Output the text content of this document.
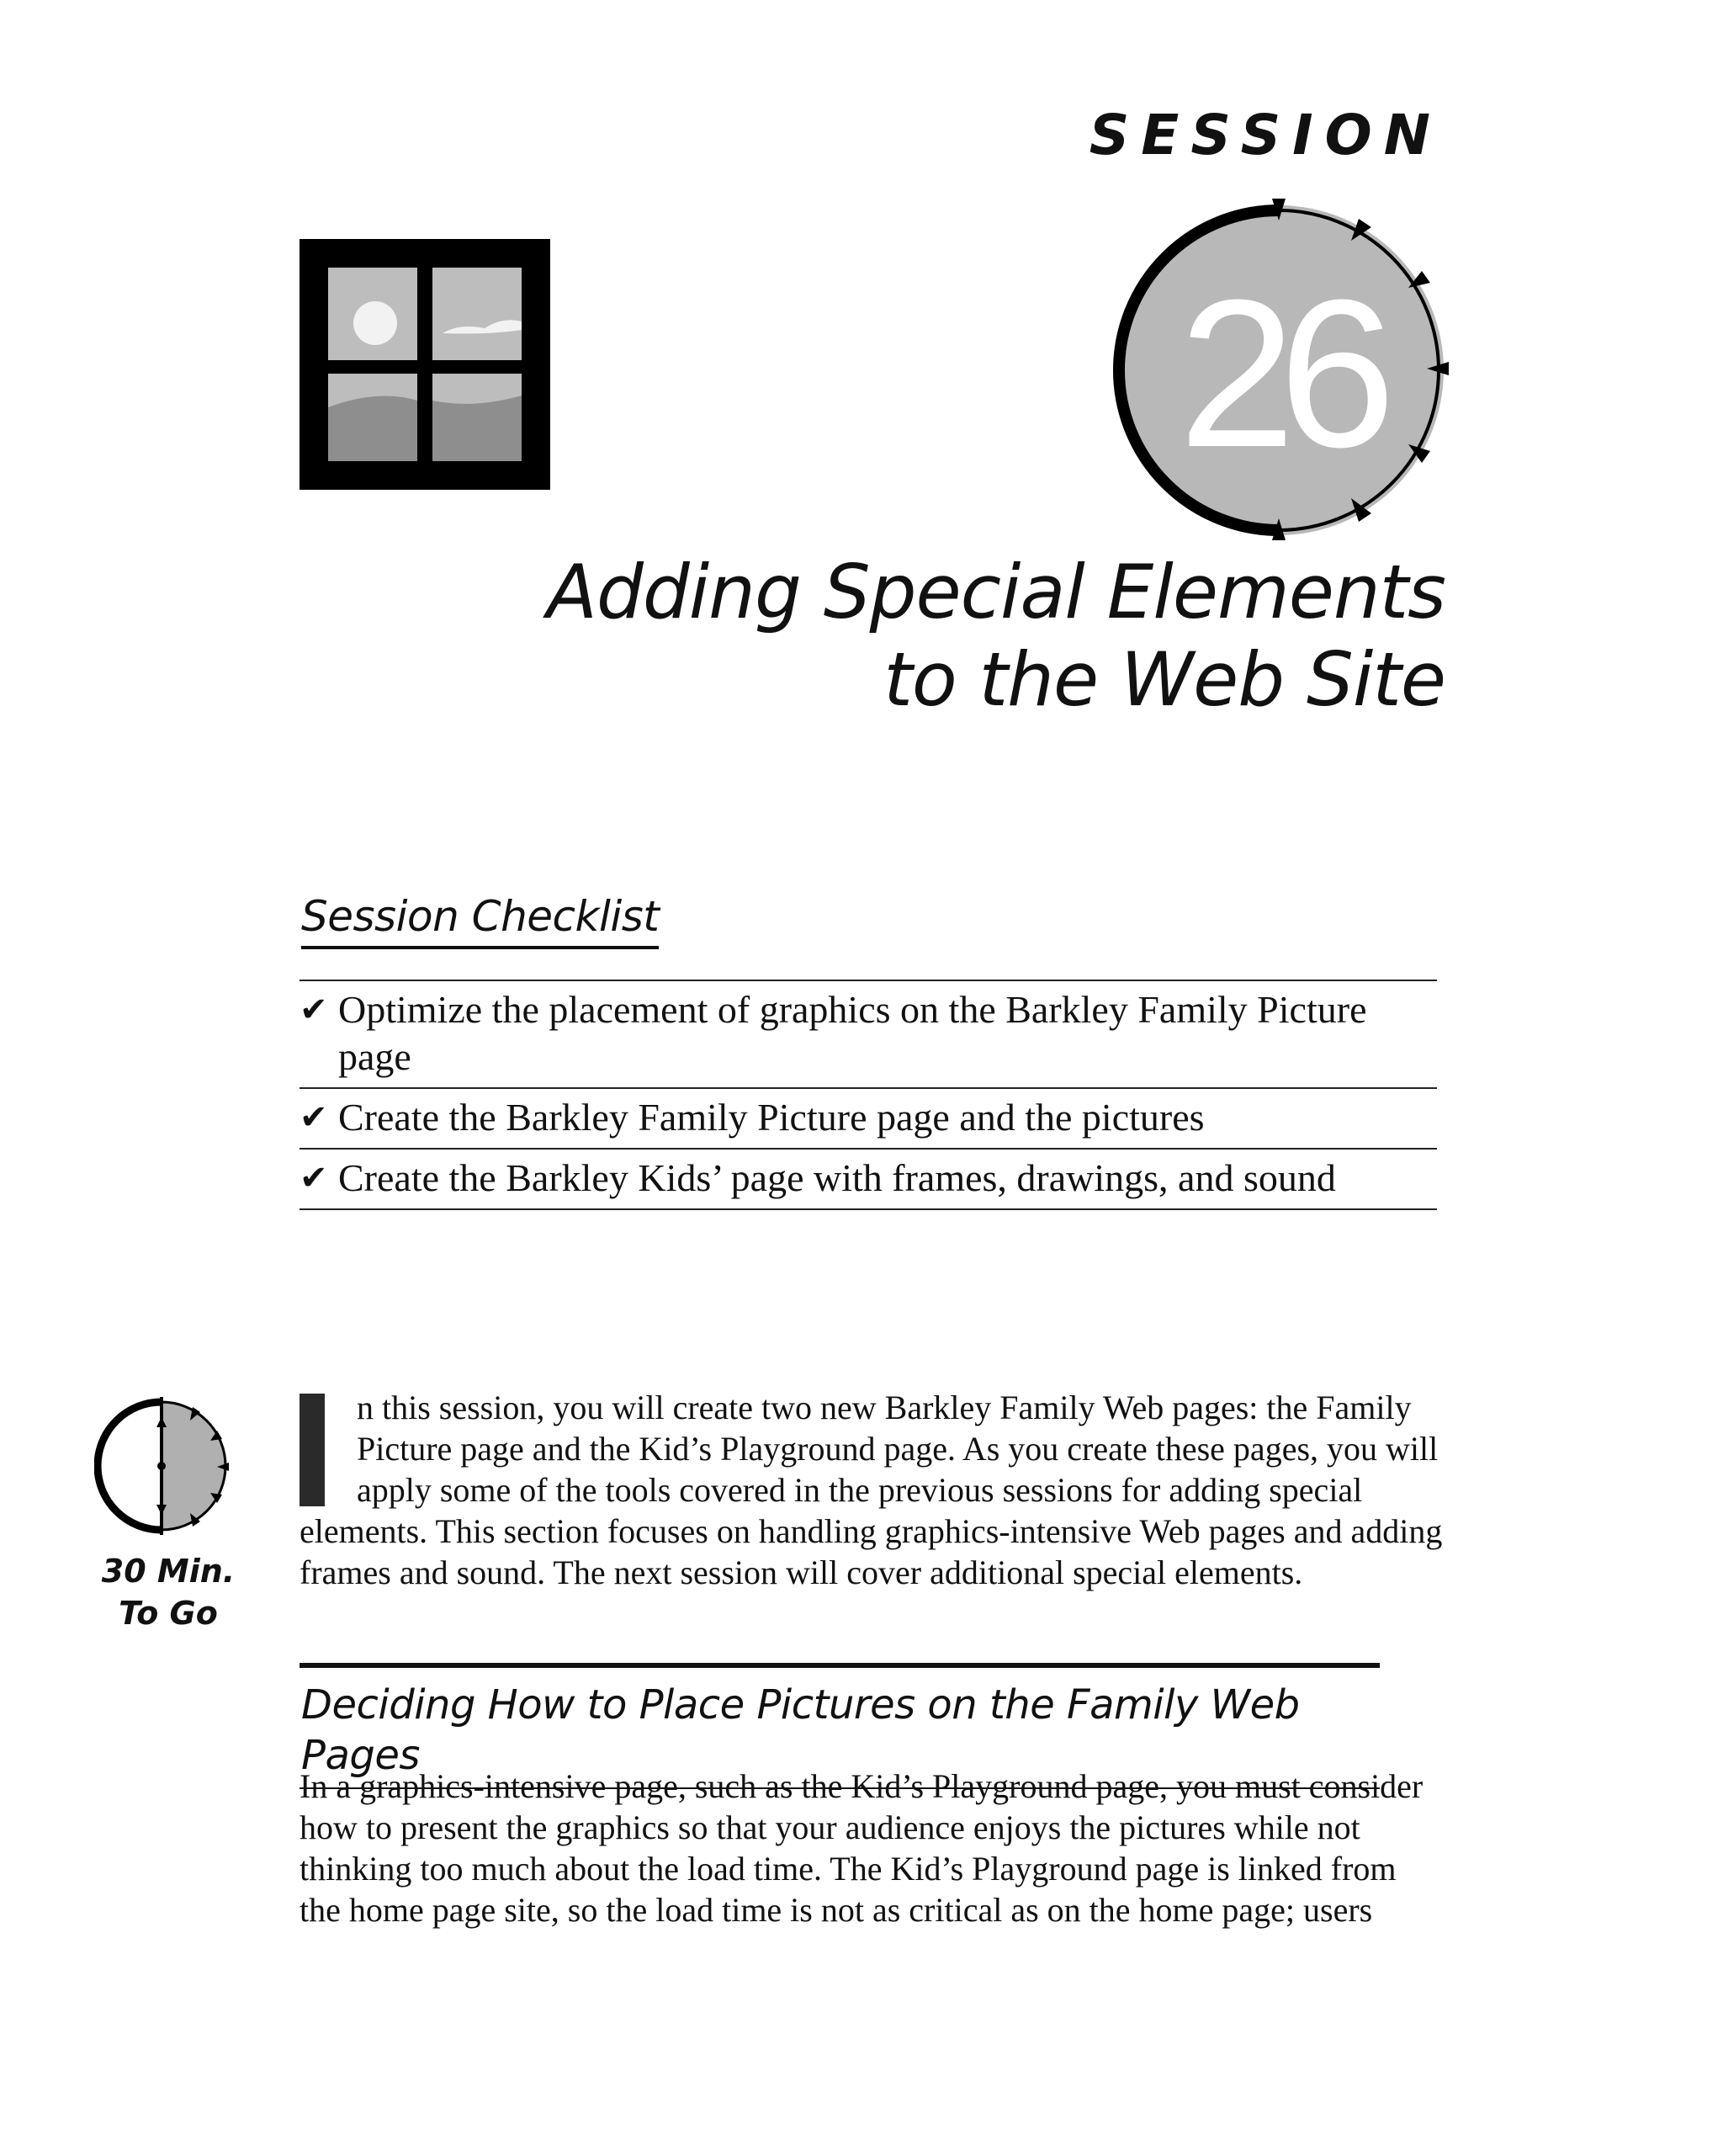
SESSION
26
Adding Special Elements
to the Web Site
Session Checklist
✔ Optimize the placement of graphics on the Barkley Family Picture page
✔ Create the Barkley Family Picture page and the pictures
✔ Create the Barkley Kids’ page with frames, drawings, and sound
30 Min.
To Go
n this session, you will create two new Barkley Family Web pages: the Family Picture page and the Kid’s Playground page. As you create these pages, you will apply some of the tools covered in the previous sessions for adding special elements. This section focuses on handling graphics-intensive Web pages and adding frames and sound. The next session will cover additional special elements.
Deciding How to Place Pictures on the Family Web Pages
In a graphics-intensive page, such as the Kid’s Playground page, you must consider how to present the graphics so that your audience enjoys the pictures while not thinking too much about the load time. The Kid’s Playground page is linked from the home page site, so the load time is not as critical as on the home page; users
